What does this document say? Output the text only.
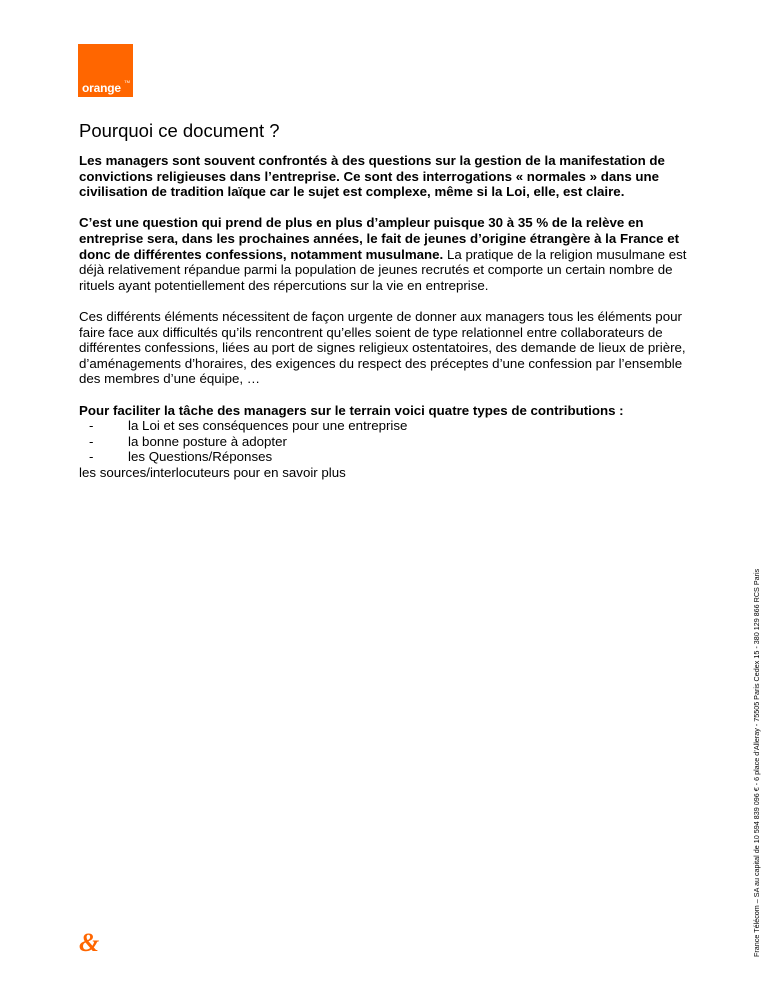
TM
orange
Pourquoi ce document ?

Les managers sont souvent confrontés à des questions sur la gestion de la manifestation de convictions religieuses dans l’entreprise. Ce sont des interrogations « normales » dans une civilisation de tradition laïque car le sujet est complexe, même si la Loi, elle, est claire.

C’est une question qui prend de plus en plus d’ampleur puisque 30 à 35 % de la relève en entreprise sera, dans les prochaines années, le fait de jeunes d’origine étrangère à la France et donc de différentes confessions, notamment musulmane. La pratique de la religion musulmane est déjà relativement répandue parmi la population de jeunes recrutés et comporte un certain nombre de rituels ayant potentiellement des répercutions sur la vie en entreprise.

Ces différents éléments nécessitent de façon urgente de donner aux managers tous les éléments pour faire face aux difficultés qu’ils rencontrent qu’elles soient de type relationnel entre collaborateurs de différentes confessions, liées au port de signes religieux ostentatoires, des demande de lieux de prière, d’aménagements d’horaires, des exigences du respect des préceptes d’une confession par l’ensemble des membres d’une équipe, …

Pour faciliter la tâche des managers sur le terrain voici quatre types de contributions :
-	la Loi et ses conséquences pour une entreprise
-	la bonne posture à adopter
-	les Questions/Réponses
les sources/interlocuteurs pour en savoir plus
France Télécom – SA au capital de 10 594 839 096 € - 6 place d’Alleray - 75505 Paris Cedex 15 - 380 129 866 RCS Paris
&
